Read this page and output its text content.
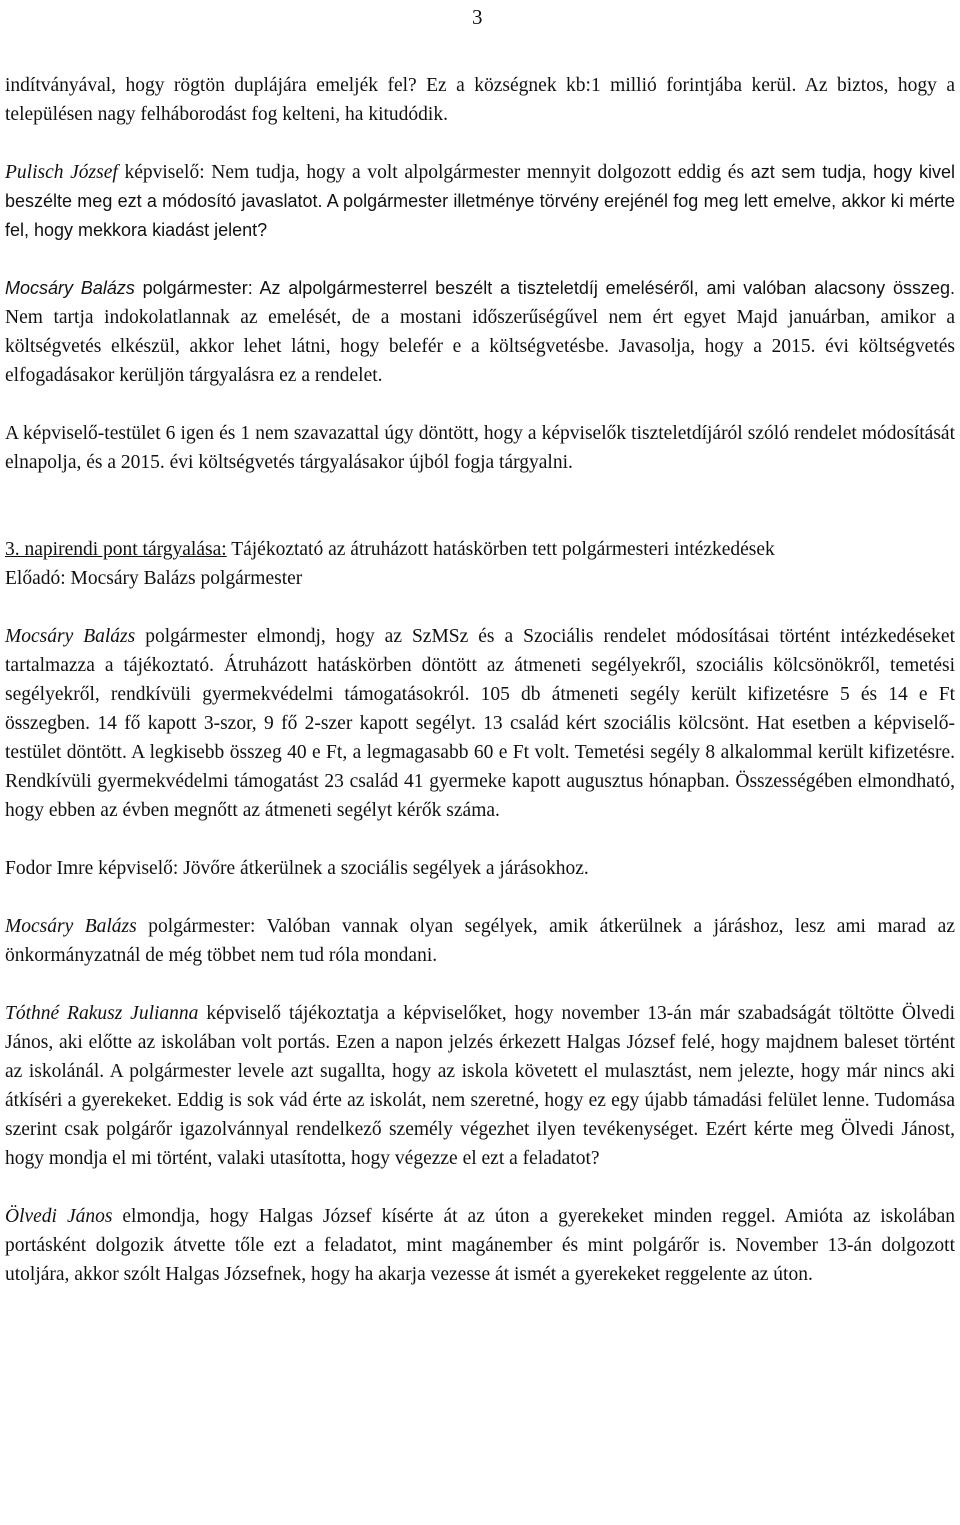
3

indítványával, hogy rögtön duplájára emeljék fel? Ez a községnek kb:1 millió forintjába kerül. Az biztos, hogy a településen nagy felháborodást fog kelteni, ha kitudódik.

Pulisch József képviselő: Nem tudja, hogy a volt alpolgármester mennyit dolgozott eddig és azt sem tudja, hogy kivel beszélte meg ezt a módosító javaslatot. A polgármester illetménye törvény erejénél fog meg lett emelve, akkor ki mérte fel, hogy mekkora kiadást jelent?

Mocsáry Balázs polgármester: Az alpolgármesterrel beszélt a tiszteletdíj emeléséről, ami valóban alacsony összeg. Nem tartja indokolatlannak az emelését, de a mostani időszerűségűvel nem ért egyet Majd januárban, amikor a költségvetés elkészül, akkor lehet látni, hogy belefér e a költségvetésbe. Javasolja, hogy a 2015. évi költségvetés elfogadásakor kerüljön tárgyalásra ez a rendelet.

A képviselő-testület 6 igen és 1 nem szavazattal úgy döntött, hogy a képviselők tiszteletdíjáról szóló rendelet módosítását elnapolja, és a 2015. évi költségvetés tárgyalásakor újból fogja tárgyalni.

3. napirendi pont tárgyalása: Tájékoztató az átruházott hatáskörben tett polgármesteri intézkedések

Előadó: Mocsáry Balázs polgármester

Mocsáry Balázs polgármester elmondj, hogy az SzMSz és a Szociális rendelet módosításai történt intézkedéseket tartalmazza a tájékoztató. Átruházott hatáskörben döntött az átmeneti segélyekről, szociális kölcsönökről, temetési segélyekről, rendkívüli gyermekvédelmi támogatásokról. 105 db átmeneti segély került kifizetésre 5 és 14 e Ft összegben. 14 fő kapott 3-szor, 9 fő 2-szer kapott segélyt. 13 család kért szociális kölcsönt. Hat esetben a képviselő-testület döntött. A legkisebb összeg 40 e Ft, a legmagasabb 60 e Ft volt. Temetési segély 8 alkalommal került kifizetésre. Rendkívüli gyermekvédelmi támogatást 23 család 41 gyermeke kapott augusztus hónapban. Összességében elmondható, hogy ebben az évben megnőtt az átmeneti segélyt kérők száma.

Fodor Imre képviselő: Jövőre átkerülnek a szociális segélyek a járásokhoz.

Mocsáry Balázs polgármester: Valóban vannak olyan segélyek, amik átkerülnek a járáshoz, lesz ami marad az önkormányzatnál de még többet nem tud róla mondani.

Tóthné Rakusz Julianna képviselő tájékoztatja a képviselőket, hogy november 13-án már szabadságát töltötte Ölvedi János, aki előtte az iskolában volt portás. Ezen a napon jelzés érkezett Halgas József felé, hogy majdnem baleset történt az iskolánál. A polgármester levele azt sugallta, hogy az iskola követett el mulasztást, nem jelezte, hogy már nincs aki átkíséri a gyerekeket. Eddig is sok vád érte az iskolát, nem szeretné, hogy ez egy újabb támadási felület lenne. Tudomása szerint csak polgárőr igazolvánnyal rendelkező személy végezhet ilyen tevékenységet. Ezért kérte meg Ölvedi Jánost, hogy mondja el mi történt, valaki utasította, hogy végezze el ezt a feladatot?

Ölvedi János elmondja, hogy Halgas József kísérte át az úton a gyerekeket minden reggel. Amióta az iskolában portásként dolgozik átvette tőle ezt a feladatot, mint magánember és mint polgárőr is. November 13-án dolgozott utoljára, akkor szólt Halgas Józsefnek, hogy ha akarja vezesse át ismét a gyerekeket reggelente az úton.
